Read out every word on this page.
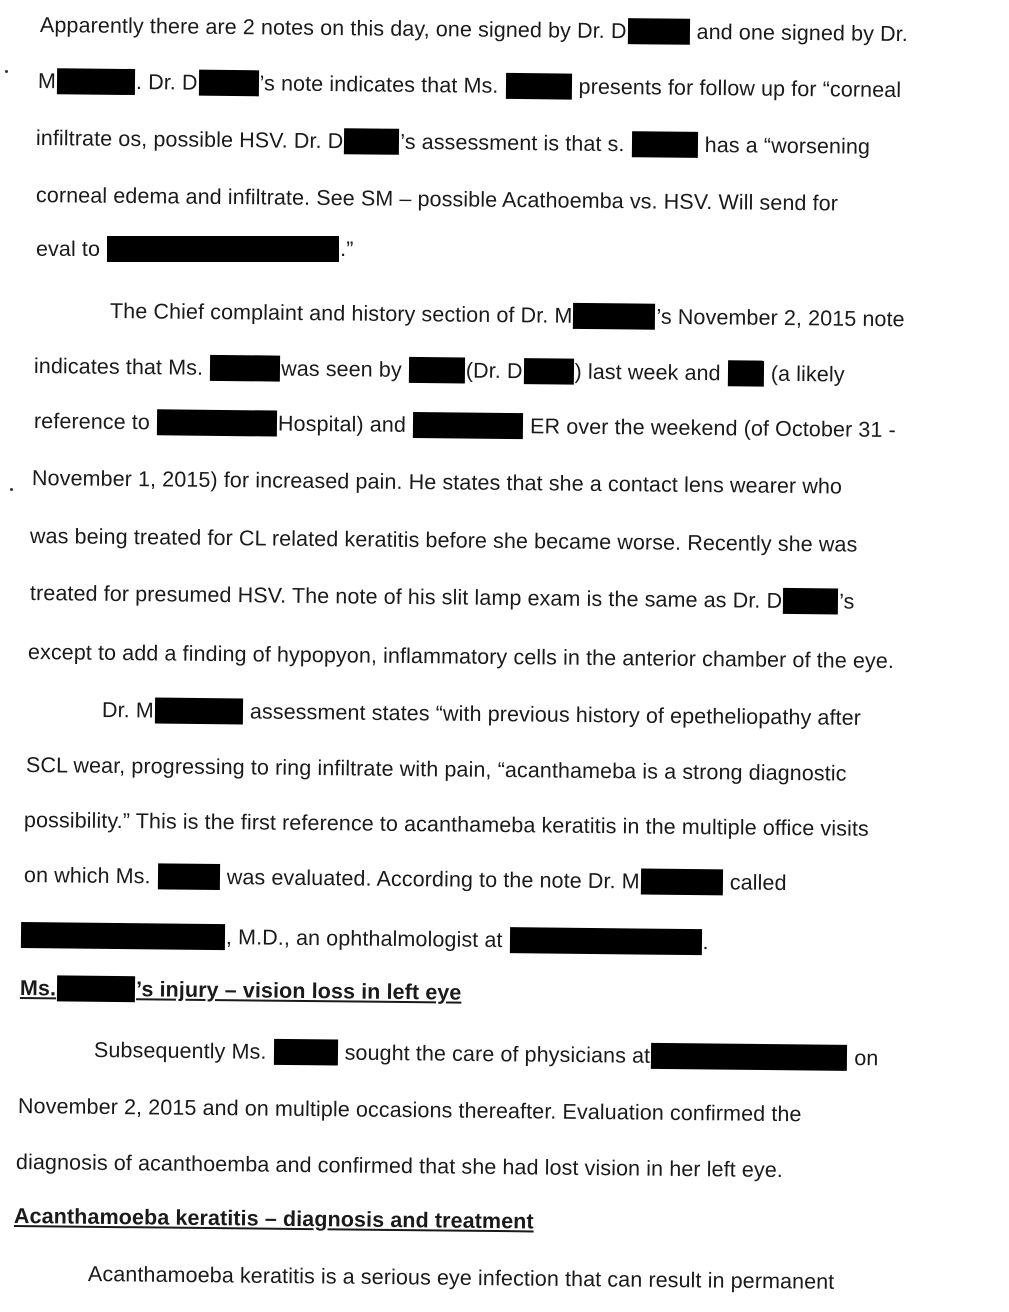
Apparently there are 2 notes on this day, one signed by Dr. D	and one signed by Dr.
M	. Dr. D	’s note indicates that Ms.	presents for follow up for “corneal
infiltrate os, possible HSV. Dr. D	’s assessment is that s.	has a “worsening
corneal edema and infiltrate. See SM – possible Acathoemba vs. HSV. Will send for
eval to	.”
The Chief complaint and history section of Dr. M	’s November 2, 2015 note
indicates that Ms.	was seen by	(Dr. D ) last week and (a likely
reference to	Hospital) and	ER over the weekend (of October 31 -
November 1, 2015) for increased pain. He states that she a contact lens wearer who
was being treated for CL related keratitis before she became worse. Recently she was
treated for presumed HSV. The note of his slit lamp exam is the same as Dr. D	’s
except to add a finding of hypopyon, inflammatory cells in the anterior chamber of the eye.
Dr. M	assessment states “with previous history of epetheliopathy after
SCL wear, progressing to ring infiltrate with pain, “acanthameba is a strong diagnostic
possibility.” This is the first reference to acanthameba keratitis in the multiple office visits
on which Ms.	was evaluated. According to the note Dr. M	called
, M.D., an ophthalmologist at	.
Ms.	’s injury – vision loss in left eye
Subsequently Ms.	sought the care of physicians at	on
November 2, 2015 and on multiple occasions thereafter. Evaluation confirmed the
diagnosis of acanthoemba and confirmed that she had lost vision in her left eye.
Acanthamoeba keratitis – diagnosis and treatment
Acanthamoeba keratitis is a serious eye infection that can result in permanent
